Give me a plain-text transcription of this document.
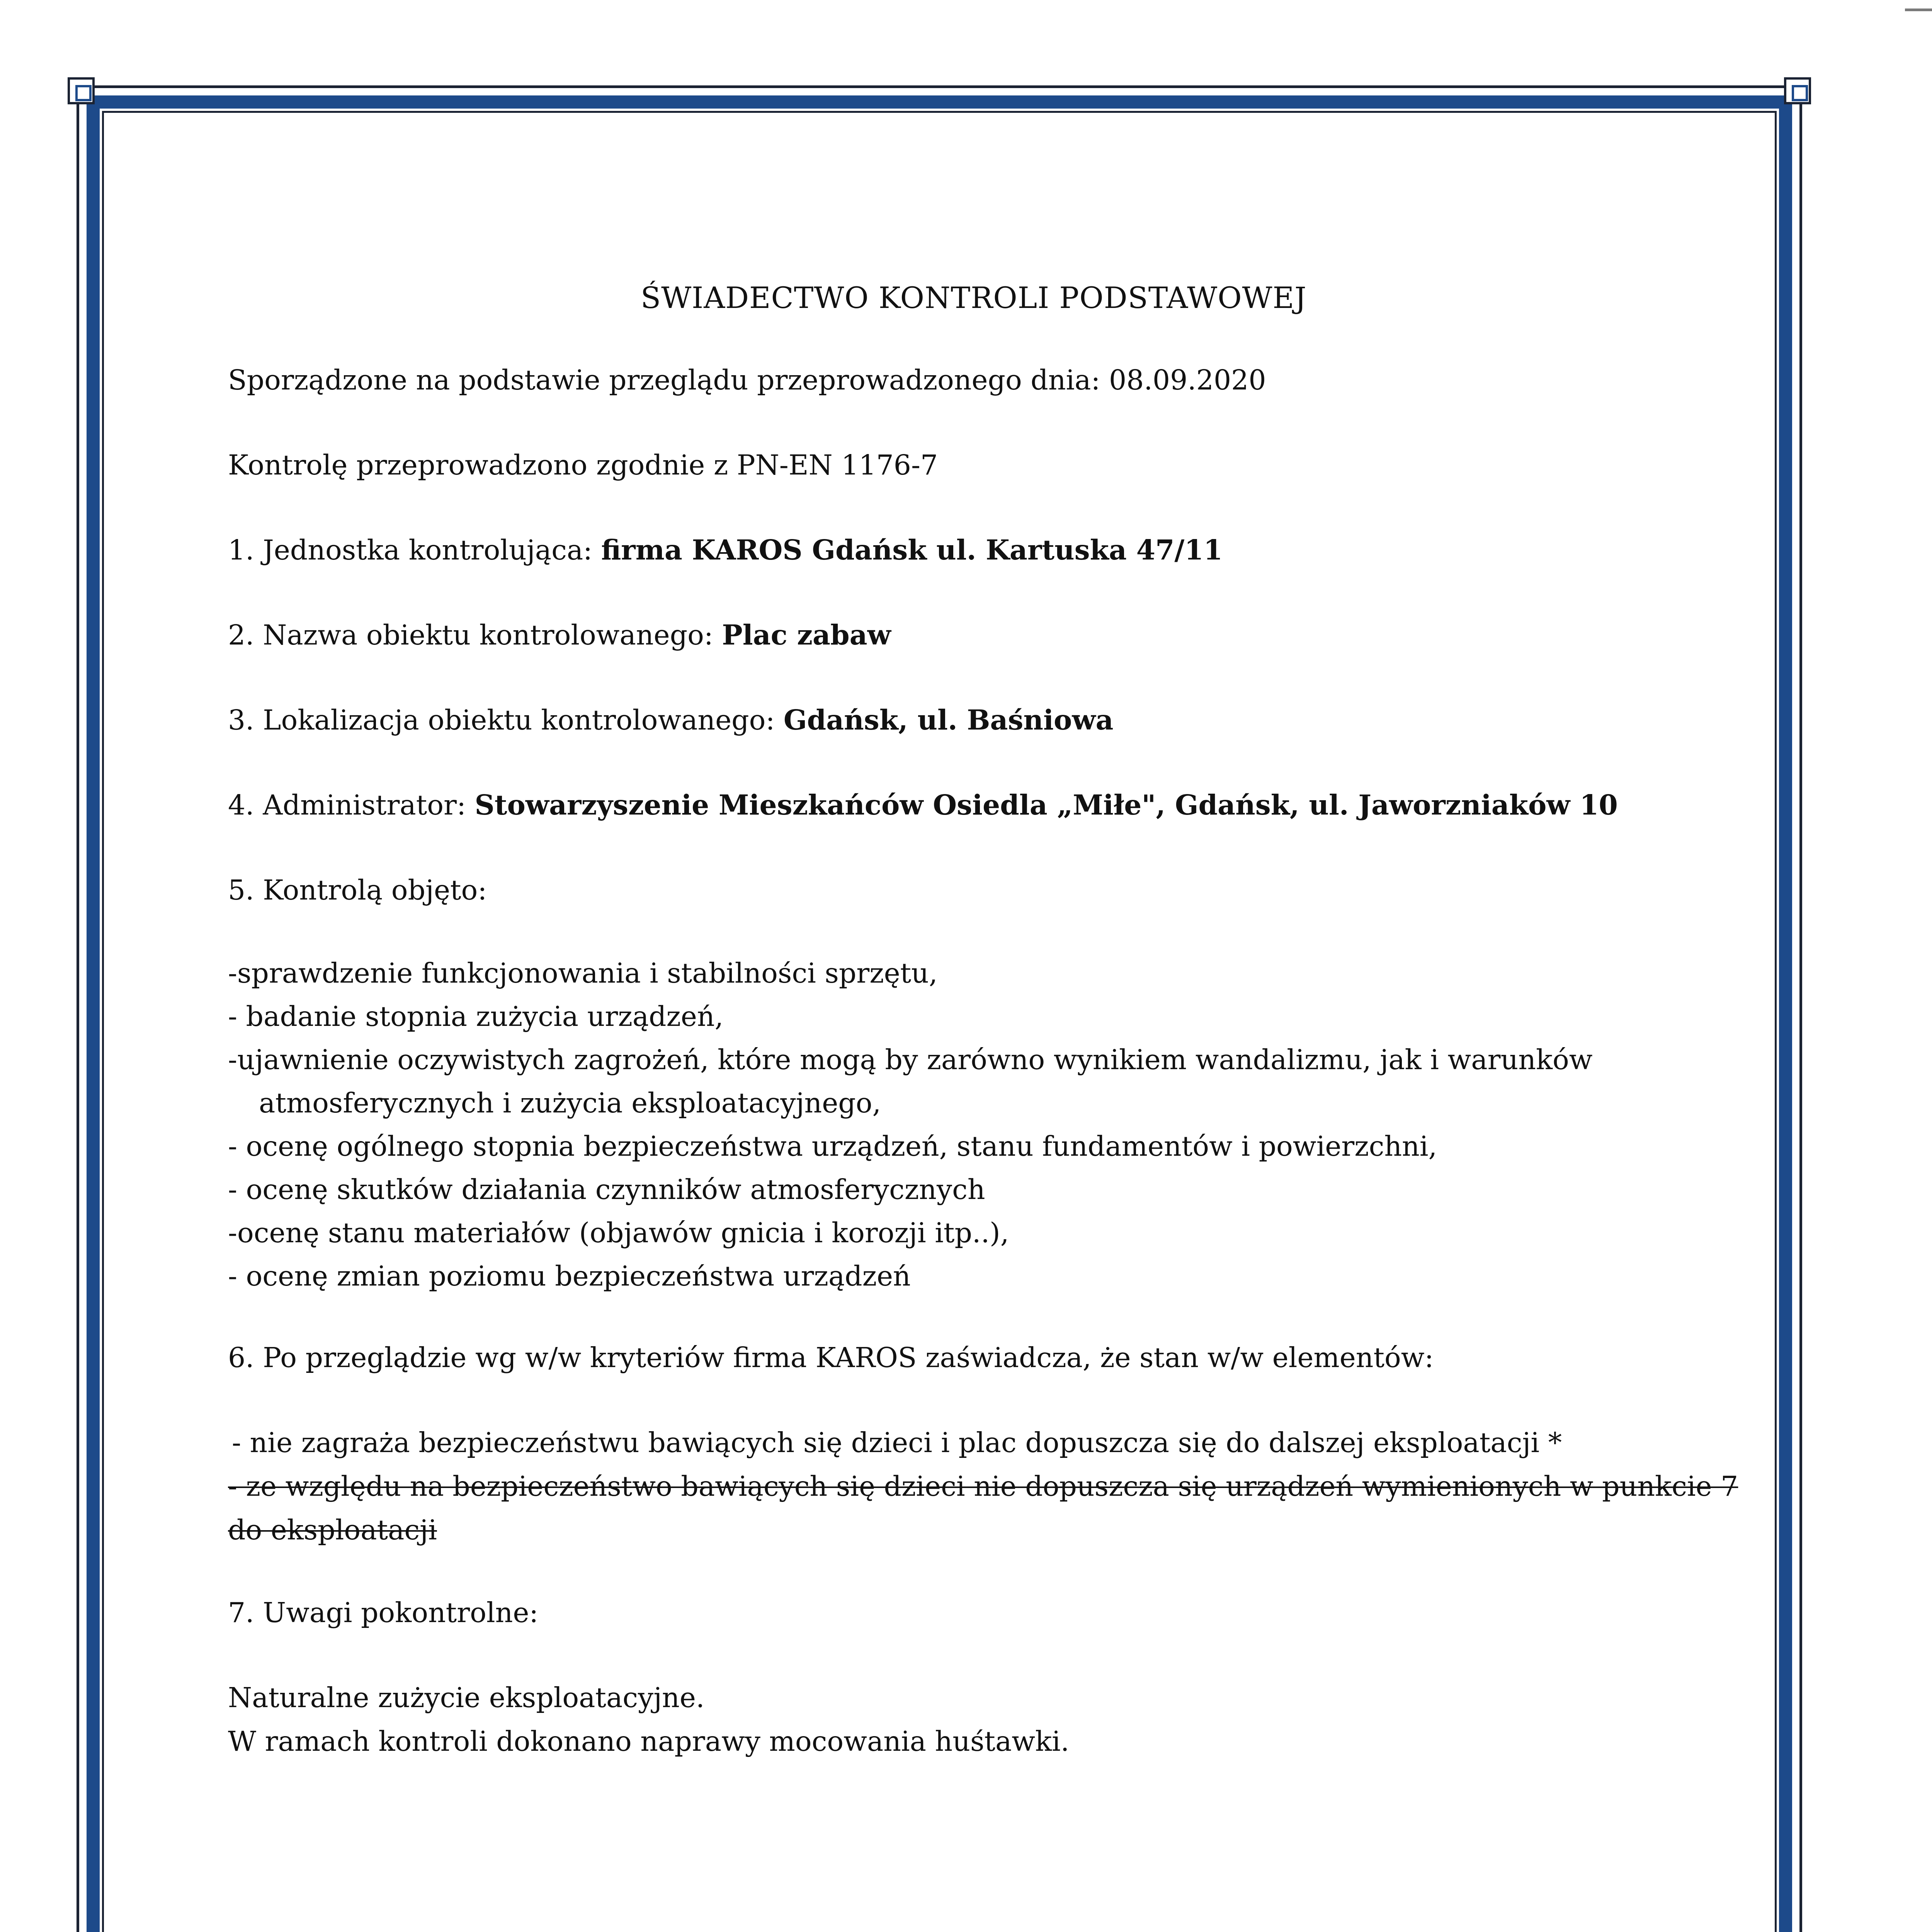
ŚWIADECTWO KONTROLI PODSTAWOWEJ
Sporządzone na podstawie przeglądu przeprowadzonego dnia: 08.09.2020
Kontrolę przeprowadzono zgodnie z PN-EN 1176-7
1. Jednostka kontrolująca: firma KAROS Gdańsk ul. Kartuska 47/11
2. Nazwa obiektu kontrolowanego: Plac zabaw
3. Lokalizacja obiektu kontrolowanego: Gdańsk, ul. Baśniowa
4. Administrator: Stowarzyszenie Mieszkańców Osiedla „Miłe", Gdańsk, ul. Jaworzniaków 10
5. Kontrolą objęto:
-sprawdzenie funkcjonowania i stabilności sprzętu,
- badanie stopnia zużycia urządzeń,
-ujawnienie oczywistych zagrożeń, które mogą by zarówno wynikiem wandalizmu, jak i warunków
atmosferycznych i zużycia eksploatacyjnego,
- ocenę ogólnego stopnia bezpieczeństwa urządzeń, stanu fundamentów i powierzchni,
- ocenę skutków działania czynników atmosferycznych
-ocenę stanu materiałów (objawów gnicia i korozji itp..),
- ocenę zmian poziomu bezpieczeństwa urządzeń
6. Po przeglądzie wg w/w kryteriów firma KAROS zaświadcza, że stan w/w elementów:
- nie zagraża bezpieczeństwu bawiących się dzieci i plac dopuszcza się do dalszej eksploatacji *
- ze względu na bezpieczeństwo bawiących się dzieci nie dopuszcza się urządzeń wymienionych w punkcie 7
do eksploatacji
7. Uwagi pokontrolne:
Naturalne zużycie eksploatacyjne.
W ramach kontroli dokonano naprawy mocowania huśtawki.
